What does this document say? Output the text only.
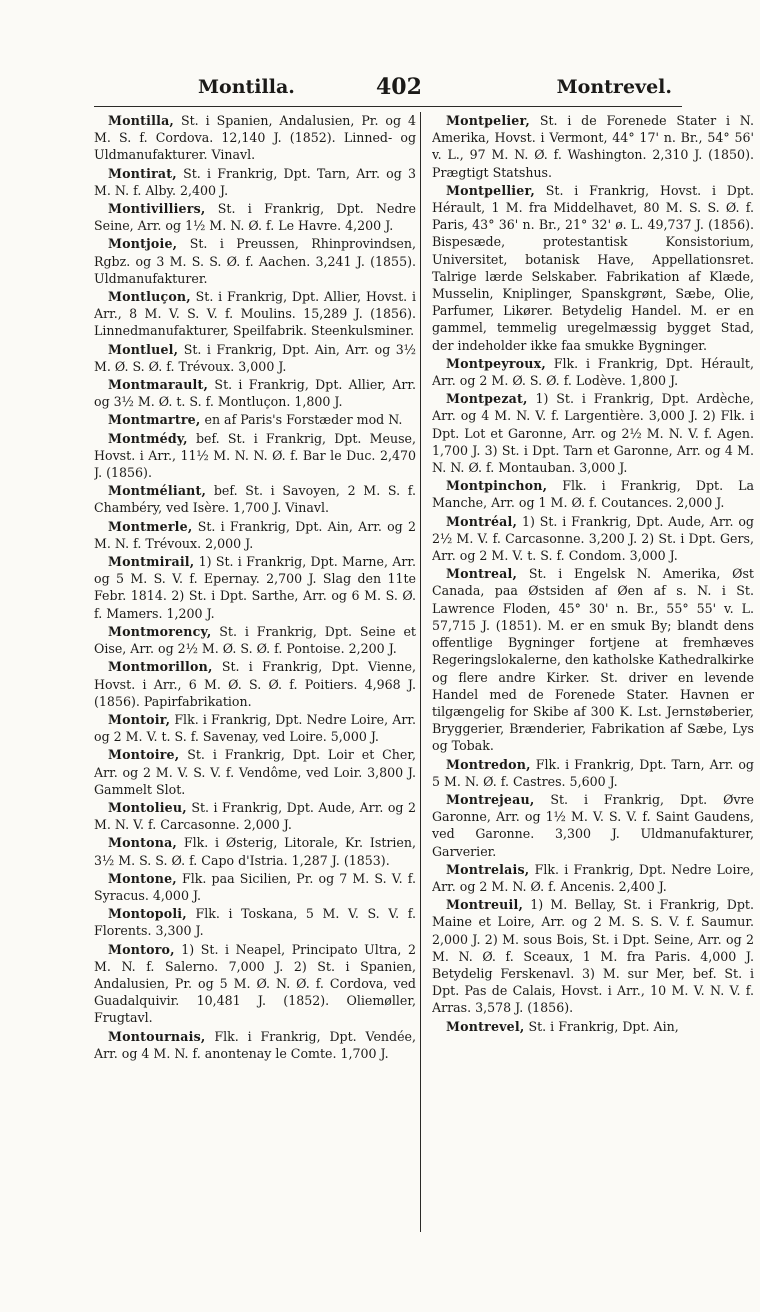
Montilla.	402	Montrevel.

Montilla, St. i Spanien, Andalusien, Pr. og 4 M. S. f. Cordova. 12,140 J. (1852). Linned- og Uldmanufakturer. Vinavl.

Montirat, St. i Frankrig, Dpt. Tarn, Arr. og 3 M. N. f. Alby. 2,400 J.

Montivilliers, St. i Frankrig, Dpt. Nedre Seine, Arr. og 1½ M. N. Ø. f. Le Havre. 4,200 J.

Montjoie, St. i Preussen, Rhinprovindsen, Rgbz. og 3 M. S. S. Ø. f. Aachen. 3,241 J. (1855). Uldmanufakturer.

Montluçon, St. i Frankrig, Dpt. Allier, Hovst. i Arr., 8 M. V. S. V. f. Moulins. 15,289 J. (1856). Linnedmanufakturer, Speilfabrik. Steenkulsminer.

Montluel, St. i Frankrig, Dpt. Ain, Arr. og 3½ M. Ø. S. Ø. f. Trévoux. 3,000 J.

Montmarault, St. i Frankrig, Dpt. Allier, Arr. og 3½ M. Ø. t. S. f. Montluçon. 1,800 J.

Montmartre, en af Paris's Forstæder mod N.

Montmédy, bef. St. i Frankrig, Dpt. Meuse, Hovst. i Arr., 11½ M. N. N. Ø. f. Bar le Duc. 2,470 J. (1856).

Montméliant, bef. St. i Savoyen, 2 M. S. f. Chambéry, ved Isère. 1,700 J. Vinavl.

Montmerle, St. i Frankrig, Dpt. Ain, Arr. og 2 M. N. f. Trévoux. 2,000 J.

Montmirail, 1) St. i Frankrig, Dpt. Marne, Arr. og 5 M. S. V. f. Epernay. 2,700 J. Slag den 11te Febr. 1814. 2) St. i Dpt. Sarthe, Arr. og 6 M. S. Ø. f. Mamers. 1,200 J.

Montmorency, St. i Frankrig, Dpt. Seine et Oise, Arr. og 2½ M. Ø. S. Ø. f. Pontoise. 2,200 J.

Montmorillon, St. i Frankrig, Dpt. Vienne, Hovst. i Arr., 6 M. Ø. S. Ø. f. Poitiers. 4,968 J. (1856). Papirfabrikation.

Montoir, Flk. i Frankrig, Dpt. Nedre Loire, Arr. og 2 M. V. t. S. f. Savenay, ved Loire. 5,000 J.

Montoire, St. i Frankrig, Dpt. Loir et Cher, Arr. og 2 M. V. S. V. f. Vendôme, ved Loir. 3,800 J. Gammelt Slot.

Montolieu, St. i Frankrig, Dpt. Aude, Arr. og 2 M. N. V. f. Carcasonne. 2,000 J.

Montona, Flk. i Østerig, Litorale, Kr. Istrien, 3½ M. S. S. Ø. f. Capo d'Istria. 1,287 J. (1853).

Montone, Flk. paa Sicilien, Pr. og 7 M. S. V. f. Syracus. 4,000 J.

Montopoli, Flk. i Toskana, 5 M. V. S. V. f. Florents. 3,300 J.

Montoro, 1) St. i Neapel, Principato Ultra, 2 M. N. f. Salerno. 7,000 J. 2) St. i Spanien, Andalusien, Pr. og 5 M. Ø. N. Ø. f. Cordova, ved Guadalquivir. 10,481 J. (1852). Oliemøller, Frugtavl.

Montournais, Flk. i Frankrig, Dpt. Vendée, Arr. og 4 M. N. f. anontenay le Comte. 1,700 J.

Montpelier, St. i de Forenede Stater i N. Amerika, Hovst. i Vermont, 44° 17' n. Br., 54° 56' v. L., 97 M. N. Ø. f. Washington. 2,310 J. (1850). Prægtigt Statshus.

Montpellier, St. i Frankrig, Hovst. i Dpt. Hérault, 1 M. fra Middelhavet, 80 M. S. S. Ø. f. Paris, 43° 36' n. Br., 21° 32' ø. L. 49,737 J. (1856). Bispesæde, protestantisk Konsistorium, Universitet, botanisk Have, Appellationsret. Talrige lærde Selskaber. Fabrikation af Klæde, Musselin, Kniplinger, Spanskgrønt, Sæbe, Olie, Parfumer, Likører. Betydelig Handel. M. er en gammel, temmelig uregelmæssig bygget Stad, der indeholder ikke faa smukke Bygninger.

Montpeyroux, Flk. i Frankrig, Dpt. Hérault, Arr. og 2 M. Ø. S. Ø. f. Lodève. 1,800 J.

Montpezat, 1) St. i Frankrig, Dpt. Ardèche, Arr. og 4 M. N. V. f. Largentière. 3,000 J. 2) Flk. i Dpt. Lot et Garonne, Arr. og 2½ M. N. V. f. Agen. 1,700 J. 3) St. i Dpt. Tarn et Garonne, Arr. og 4 M. N. N. Ø. f. Montauban. 3,000 J.

Montpinchon, Flk. i Frankrig, Dpt. La Manche, Arr. og 1 M. Ø. f. Coutances. 2,000 J.

Montréal, 1) St. i Frankrig, Dpt. Aude, Arr. og 2½ M. V. f. Carcasonne. 3,200 J. 2) St. i Dpt. Gers, Arr. og 2 M. V. t. S. f. Condom. 3,000 J.

Montreal, St. i Engelsk N. Amerika, Øst Canada, paa Østsiden af Øen af s. N. i St. Lawrence Floden, 45° 30' n. Br., 55° 55' v. L. 57,715 J. (1851). M. er en smuk By; blandt dens offentlige Bygninger fortjene at fremhæves Regeringslokalerne, den katholske Kathedralkirke og flere andre Kirker. St. driver en levende Handel med de Forenede Stater. Havnen er tilgængelig for Skibe af 300 K. Lst. Jernstøberier, Bryggerier, Brænderier, Fabrikation af Sæbe, Lys og Tobak.

Montredon, Flk. i Frankrig, Dpt. Tarn, Arr. og 5 M. N. Ø. f. Castres. 5,600 J.

Montrejeau, St. i Frankrig, Dpt. Øvre Garonne, Arr. og 1½ M. V. S. V. f. Saint Gaudens, ved Garonne. 3,300 J. Uldmanufakturer, Garverier.

Montrelais, Flk. i Frankrig, Dpt. Nedre Loire, Arr. og 2 M. N. Ø. f. Ancenis. 2,400 J.

Montreuil, 1) M. Bellay, St. i Frankrig, Dpt. Maine et Loire, Arr. og 2 M. S. S. V. f. Saumur. 2,000 J. 2) M. sous Bois, St. i Dpt. Seine, Arr. og 2 M. N. Ø. f. Sceaux, 1 M. fra Paris. 4,000 J. Betydelig Ferskenavl. 3) M. sur Mer, bef. St. i Dpt. Pas de Calais, Hovst. i Arr., 10 M. V. N. V. f. Arras. 3,578 J. (1856).

Montrevel, St. i Frankrig, Dpt. Ain,
